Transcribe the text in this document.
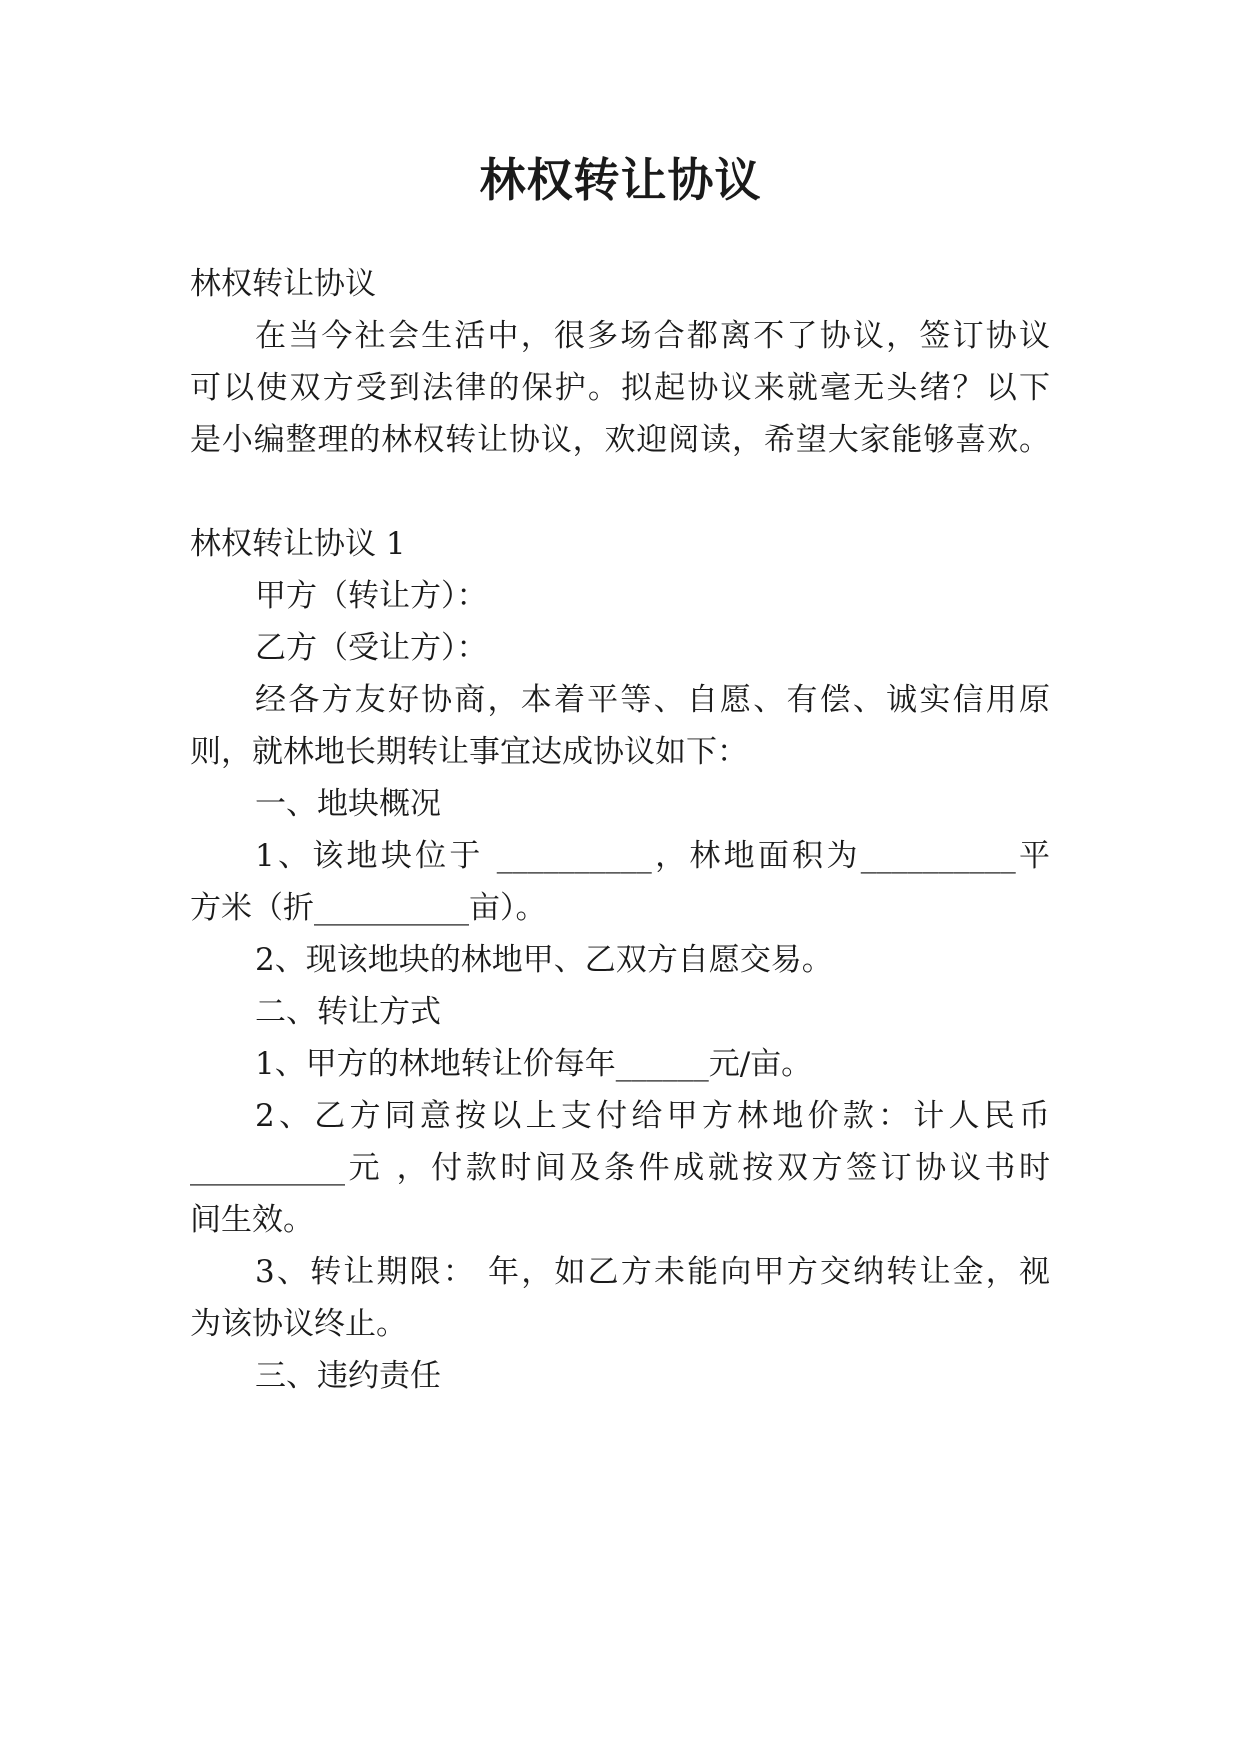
林权转让协议

林权转让协议

在当今社会生活中，很多场合都离不了协议，签订协议

可以使双方受到法律的保护。拟起协议来就毫无头绪？以下

是小编整理的林权转让协议，欢迎阅读，希望大家能够喜欢。

林权转让协议 1

甲方（转让方）：

乙方（受让方）：

经各方友好协商，本着平等、自愿、有偿、诚实信用原

则，就林地长期转让事宜达成协议如下：

一、地块概况

1、该地块位于 __________，林地面积为__________平

方米（折__________亩）。

2、现该地块的林地甲、乙双方自愿交易。

二、转让方式

1、甲方的林地转让价每年______元/亩。

2、乙方同意按以上支付给甲方林地价款：计人民币

__________元 ，付款时间及条件成就按双方签订协议书时

间生效。

3、转让期限： 年，如乙方未能向甲方交纳转让金，视

为该协议终止。

三、违约责任
